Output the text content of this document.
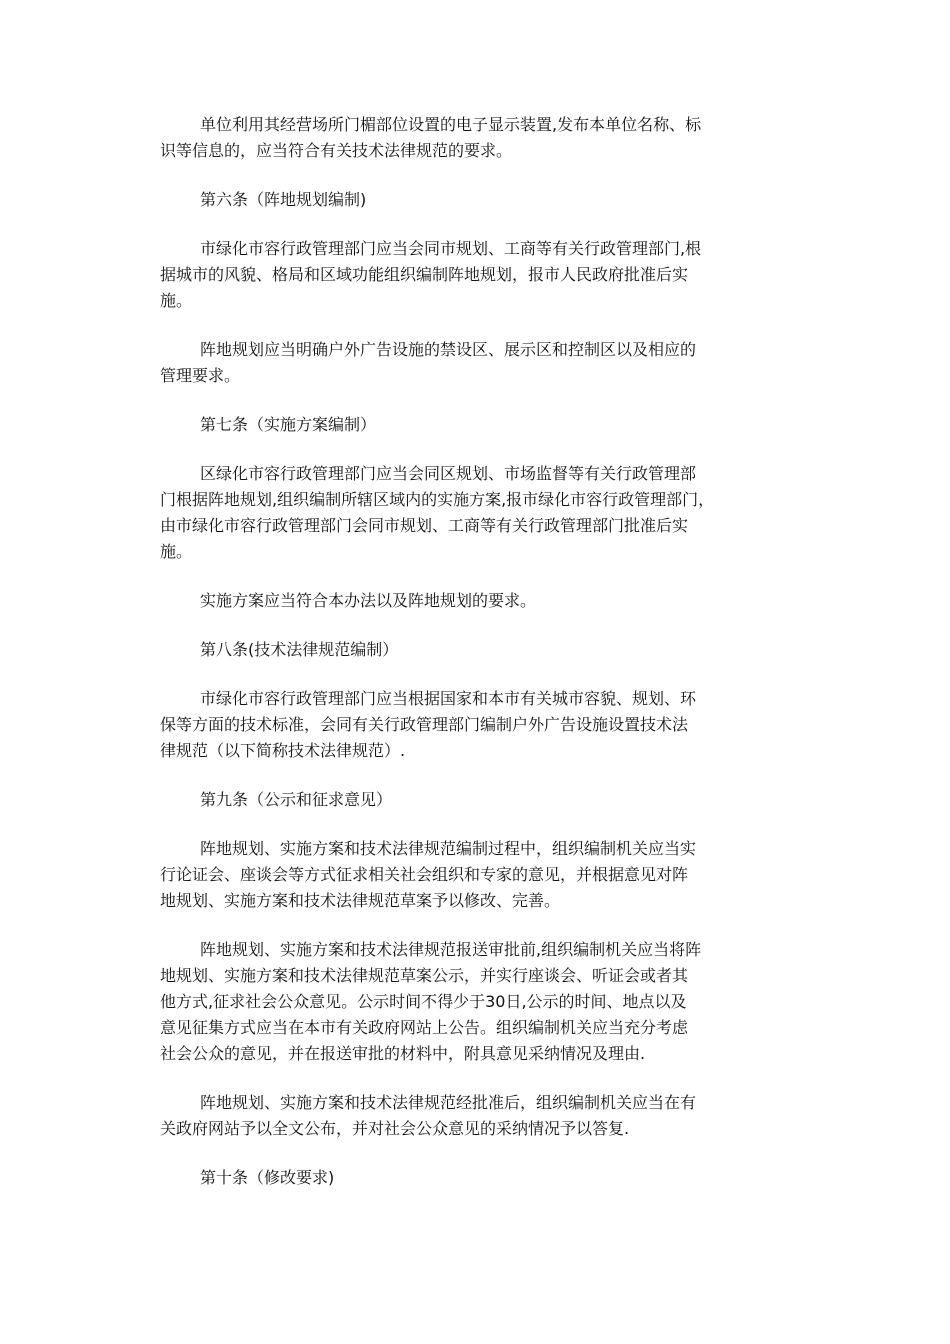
单位利用其经营场所门楣部位设置的电子显示装置,发布本单位名称、标
识等信息的，应当符合有关技术法律规范的要求。

第六条（阵地规划编制)

市绿化市容行政管理部门应当会同市规划、工商等有关行政管理部门,根
据城市的风貌、格局和区域功能组织编制阵地规划，报市人民政府批准后实
施。

阵地规划应当明确户外广告设施的禁设区、展示区和控制区以及相应的
管理要求。

第七条（实施方案编制）

区绿化市容行政管理部门应当会同区规划、市场监督等有关行政管理部
门根据阵地规划,组织编制所辖区域内的实施方案,报市绿化市容行政管理部门，
由市绿化市容行政管理部门会同市规划、工商等有关行政管理部门批准后实
施。

实施方案应当符合本办法以及阵地规划的要求。

第八条(技术法律规范编制）

市绿化市容行政管理部门应当根据国家和本市有关城市容貌、规划、环
保等方面的技术标准，会同有关行政管理部门编制户外广告设施设置技术法
律规范（以下简称技术法律规范）.

第九条（公示和征求意见）

阵地规划、实施方案和技术法律规范编制过程中，组织编制机关应当实
行论证会、座谈会等方式征求相关社会组织和专家的意见，并根据意见对阵
地规划、实施方案和技术法律规范草案予以修改、完善。

阵地规划、实施方案和技术法律规范报送审批前,组织编制机关应当将阵
地规划、实施方案和技术法律规范草案公示，并实行座谈会、听证会或者其
他方式,征求社会公众意见。公示时间不得少于30日,公示的时间、地点以及
意见征集方式应当在本市有关政府网站上公告。组织编制机关应当充分考虑
社会公众的意见，并在报送审批的材料中，附具意见采纳情况及理由.

阵地规划、实施方案和技术法律规范经批准后，组织编制机关应当在有
关政府网站予以全文公布，并对社会公众意见的采纳情况予以答复.

第十条（修改要求)
